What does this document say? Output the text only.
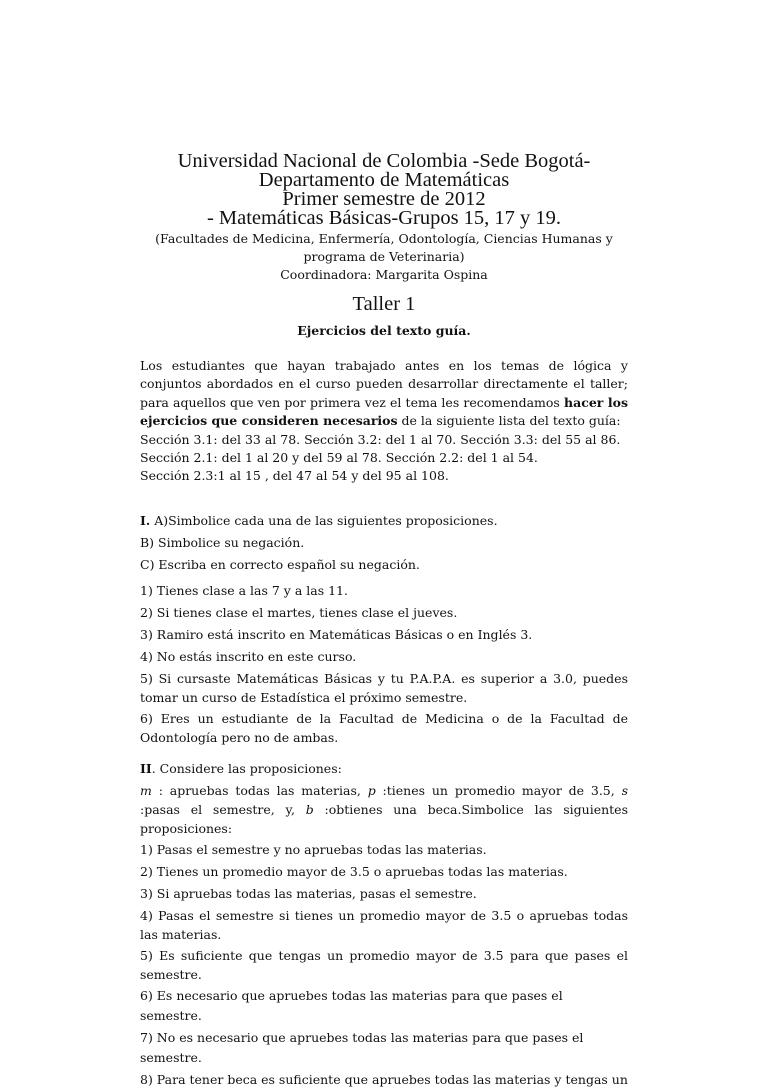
Universidad Nacional de Colombia -Sede Bogotá-
Departamento de Matemáticas
Primer semestre de 2012
- Matemáticas Básicas-Grupos 15, 17 y 19.
(Facultades de Medicina, Enfermería, Odontología, Ciencias Humanas y
programa de Veterinaria)
Coordinadora: Margarita Ospina
Taller 1
Ejercicios del texto guía.
Los estudiantes que hayan trabajado antes en los temas de lógica y conjuntos abordados en el curso pueden desarrollar directamente el taller; para aquellos que ven por primera vez el tema les recomendamos hacer los ejercicios que consideren necesarios de la siguiente lista del texto guía:
Sección 3.1: del 33 al 78. Sección 3.2: del 1 al 70. Sección 3.3: del 55 al 86.
Sección 2.1: del 1 al 20 y del 59 al 78. Sección 2.2: del 1 al 54.
Sección 2.3:1 al 15 , del 47 al 54 y del 95 al 108.
I. A)Simbolice cada una de las siguientes proposiciones.
B) Simbolice su negación.
C) Escriba en correcto español su negación.
1) Tienes clase a las 7 y a las 11.
2) Si tienes clase el martes, tienes clase el jueves.
3) Ramiro está inscrito en Matemáticas Básicas o en Inglés 3.
4) No estás inscrito en este curso.
5) Si cursaste Matemáticas Básicas y tu P.A.P.A. es superior a 3.0, puedes tomar un curso de Estadística el próximo semestre.
6) Eres un estudiante de la Facultad de Medicina o de la Facultad de Odontología pero no de ambas.
II. Considere las proposiciones:
m : apruebas todas las materias, p :tienes un promedio mayor de 3.5, s :pasas el semestre, y, b :obtienes una beca.Simbolice las siguientes proposiciones:
1) Pasas el semestre y no apruebas todas las materias.
2) Tienes un promedio mayor de 3.5 o apruebas todas las materias.
3) Si apruebas todas las materias, pasas el semestre.
4) Pasas el semestre si tienes un promedio mayor de 3.5 o apruebas todas las materias.
5) Es suficiente que tengas un promedio mayor de 3.5 para que pases el semestre.
6) Es necesario que apruebes todas las materias para que pases el semestre.
7) No es necesario que apruebes todas las materias para que pases el semestre.
8) Para tener beca es suficiente que apruebes todas las materias y tengas un
